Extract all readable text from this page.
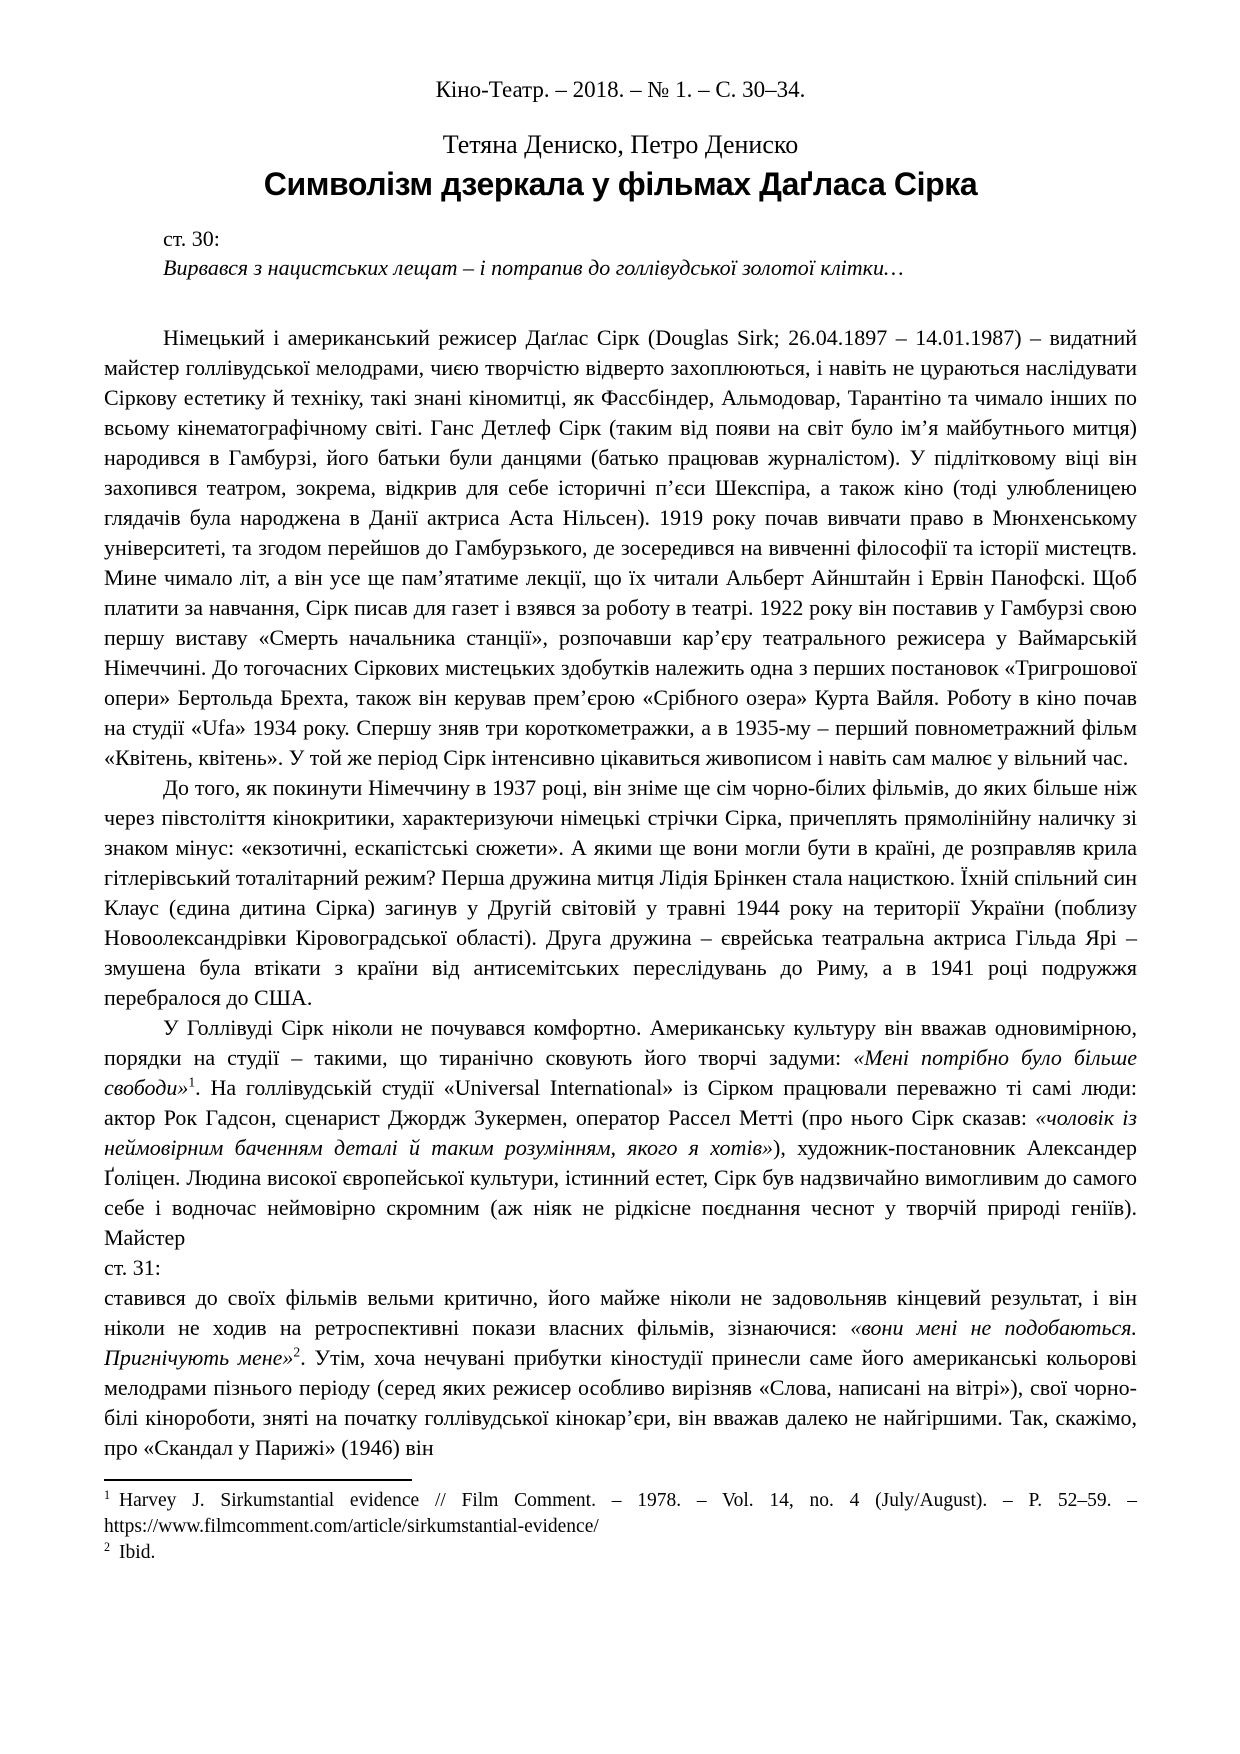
Кіно-Театр. – 2018. – № 1. – С. 30–34.

Тетяна Дениско, Петро Дениско

Символізм дзеркала у фільмах Даґласа Сірка

ст. 30:

Вирвався з нацистських лещат – і потрапив до голлівудської золотої клітки…

Німецький і американський режисер Даґлас Сірк (Douglas Sirk; 26.04.1897 – 14.01.1987) – видатний майстер голлівудської мелодрами, чиєю творчістю відверто захоплюються, і навіть не цураються наслідувати Сіркову естетику й техніку, такі знані кіномитці, як Фассбіндер, Альмодовар, Тарантіно та чимало інших по всьому кінематографічному світі. Ганс Детлеф Сірк (таким від появи на світ було ім’я майбутнього митця) народився в Гамбурзі, його батьки були данцями (батько працював журналістом). У підлітковому віці він захопився театром, зокрема, відкрив для себе історичні п’єси Шекспіра, а також кіно (тоді улюбленицею глядачів була народжена в Данії актриса Аста Нільсен). 1919 року почав вивчати право в Мюнхенському університеті, та згодом перейшов до Гамбурзького, де зосередився на вивченні філософії та історії мистецтв. Мине чимало літ, а він усе ще пам’ятатиме лекції, що їх читали Альберт Айнштайн і Ервін Панофскі. Щоб платити за навчання, Сірк писав для газет і взявся за роботу в театрі. 1922 року він поставив у Гамбурзі свою першу виставу «Смерть начальника станції», розпочавши кар’єру театрального режисера у Ваймарській Німеччині. До тогочасних Сіркових мистецьких здобутків належить одна з перших постановок «Тригрошової опери» Бертольда Брехта, також він керував прем’єрою «Срібного озера» Курта Вайля. Роботу в кіно почав на студії «Ufa» 1934 року. Спершу зняв три короткометражки, а в 1935-му – перший повнометражний фільм «Квітень, квітень». У той же період Сірк інтенсивно цікавиться живописом і навіть сам малює у вільний час.

До того, як покинути Німеччину в 1937 році, він зніме ще сім чорно-білих фільмів, до яких більше ніж через півстоліття кінокритики, характеризуючи німецькі стрічки Сірка, причеплять прямолінійну наличку зі знаком мінус: «екзотичні, ескапістські сюжети». А якими ще вони могли бути в країні, де розправляв крила гітлерівський тоталітарний режим? Перша дружина митця Лідія Брінкен стала нацисткою. Їхній спільний син Клаус (єдина дитина Сірка) загинув у Другій світовій у травні 1944 року на території України (поблизу Новоолександрівки Кіровоградської області). Друга дружина – єврейська театральна актриса Гільда Ярі – змушена була втікати з країни від антисемітських переслідувань до Риму, а в 1941 році подружжя перебралося до США.

У Голлівуді Сірк ніколи не почувався комфортно. Американську культуру він вважав одновимірною, порядки на студії – такими, що тиранічно сковують його творчі задуми: «Мені потрібно було більше свободи»$^1$. На голлівудській студії «Universal International» із Сірком працювали переважно ті самі люди: актор Рок Гадсон, сценарист Джордж Зукермен, оператор Рассел Метті (про нього Сірк сказав: «чоловік із неймовірним баченням деталі й таким розумінням, якого я хотів»), художник-постановник Александер Ґоліцен. Людина високої європейської культури, істинний естет, Сірк був надзвичайно вимогливим до самого себе і водночас неймовірно скромним (аж ніяк не рідкісне поєднання чеснот у творчій природі геніїв). Майстер

ст. 31:

ставився до своїх фільмів вельми критично, його майже ніколи не задовольняв кінцевий результат, і він ніколи не ходив на ретроспективні покази власних фільмів, зізнаючися: «вони мені не подобаються. Пригнічують мене»$^2$. Утім, хоча нечувані прибутки кіностудії принесли саме його американські кольорові мелодрами пізнього періоду (серед яких режисер особливо вирізняв «Слова, написані на вітрі»), свої чорно-білі кінороботи, зняті на початку голлівудської кінокар’єри, він вважав далеко не найгіршими. Так, скажімо, про «Скандал у Парижі» (1946) він

$^1$ Harvey J. Sirkumstantial evidence // Film Comment. – 1978. – Vol. 14, no. 4 (July/August). – P. 52–59. – https://www.filmcomment.com/article/sirkumstantial-evidence/

$^2$ Ibid.
